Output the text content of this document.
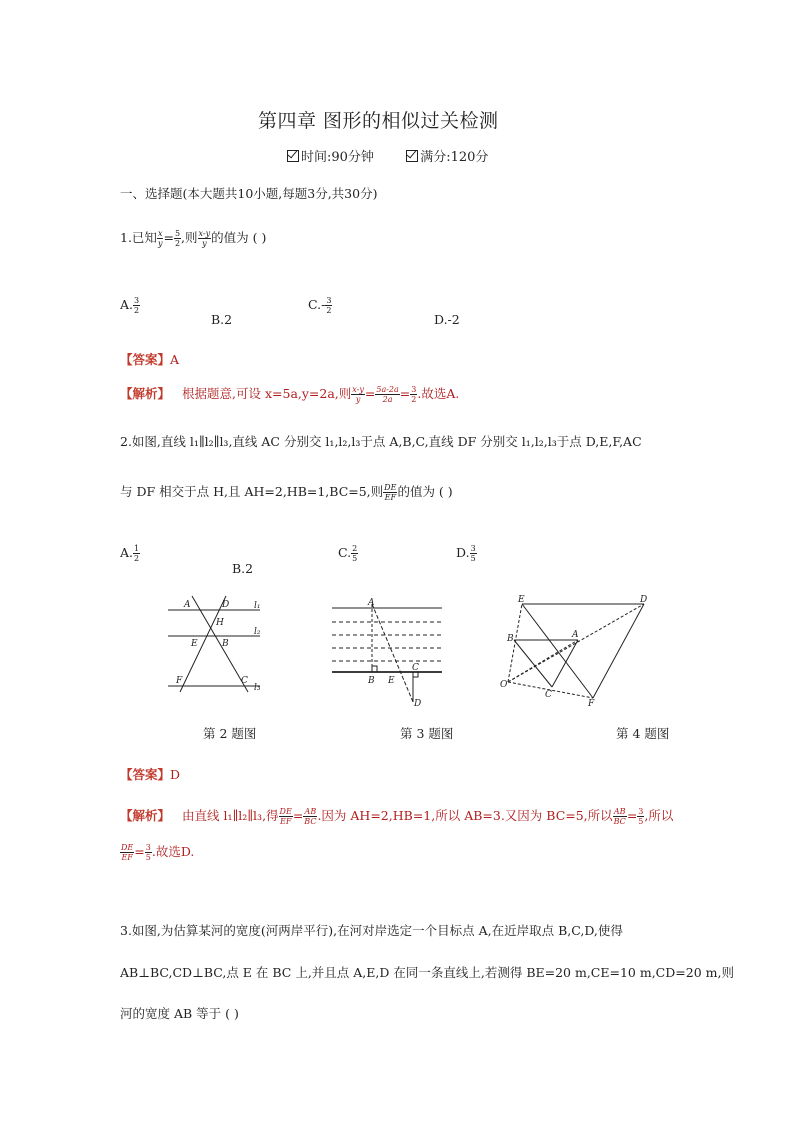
第四章 图形的相似过关检测
时间:90分钟	满分:120分
一、选择题(本大题共10小题,每题3分,共30分)
1.已知 $\frac{x}{y} = \frac{5}{2}$ ,则 $\frac{x-y}{y}$ 的值为 ( )
A. $\frac{3}{2}$
B.2
$C.- \frac{3}{2}$
D.-2
【答案】A
【解析】 根据题意,可设 x=5a,y=2a,则 $\frac{x-y}{y} = \frac{5a-2a}{2a} = \frac{3}{2}$ .故选A.
2.如图,直线 l₁∥l₂∥l₃,直线 AC 分别交 l₁,l₂,l₃于点 A,B,C,直线 DF 分别交 l₁,l₂,l₃于点 D,E,F,AC
与 DF 相交于点 H,且 AH=2,HB=1,BC=5,则 $\frac{DE}{EF}$ 的值为 ( )
A. $\frac{1}{2}$
B.2
C. $\frac{2}{5}$	D. $\frac{3}{5}$
A	D	l₁
H
E	B
l₂
F	C
l₃
A
B E
C
D
E	D
B	A
O
C
F
第 2 题图	第 3 题图	第 4 题图
【答案】D
【解析】 由直线 l₁∥l₂∥l₃,得 $\frac{DE}{EF} = \frac{AB}{BC}$ .因为 AH=2,HB=1,所以 AB=3.又因为 BC=5,所以 $\frac{AB}{BC} = \frac{3}{5}$ ,所以
$\frac{DE}{EF} = \frac{3}{5}$ .故选D.
3.如图,为估算某河的宽度(河两岸平行),在河对岸选定一个目标点 A,在近岸取点 B,C,D,使得
AB⊥BC,CD⊥BC,点 E 在 BC 上,并且点 A,E,D 在同一条直线上,若测得 BE=20 m,CE=10 m,CD=20 m,则
河的宽度 AB 等于 ( )
